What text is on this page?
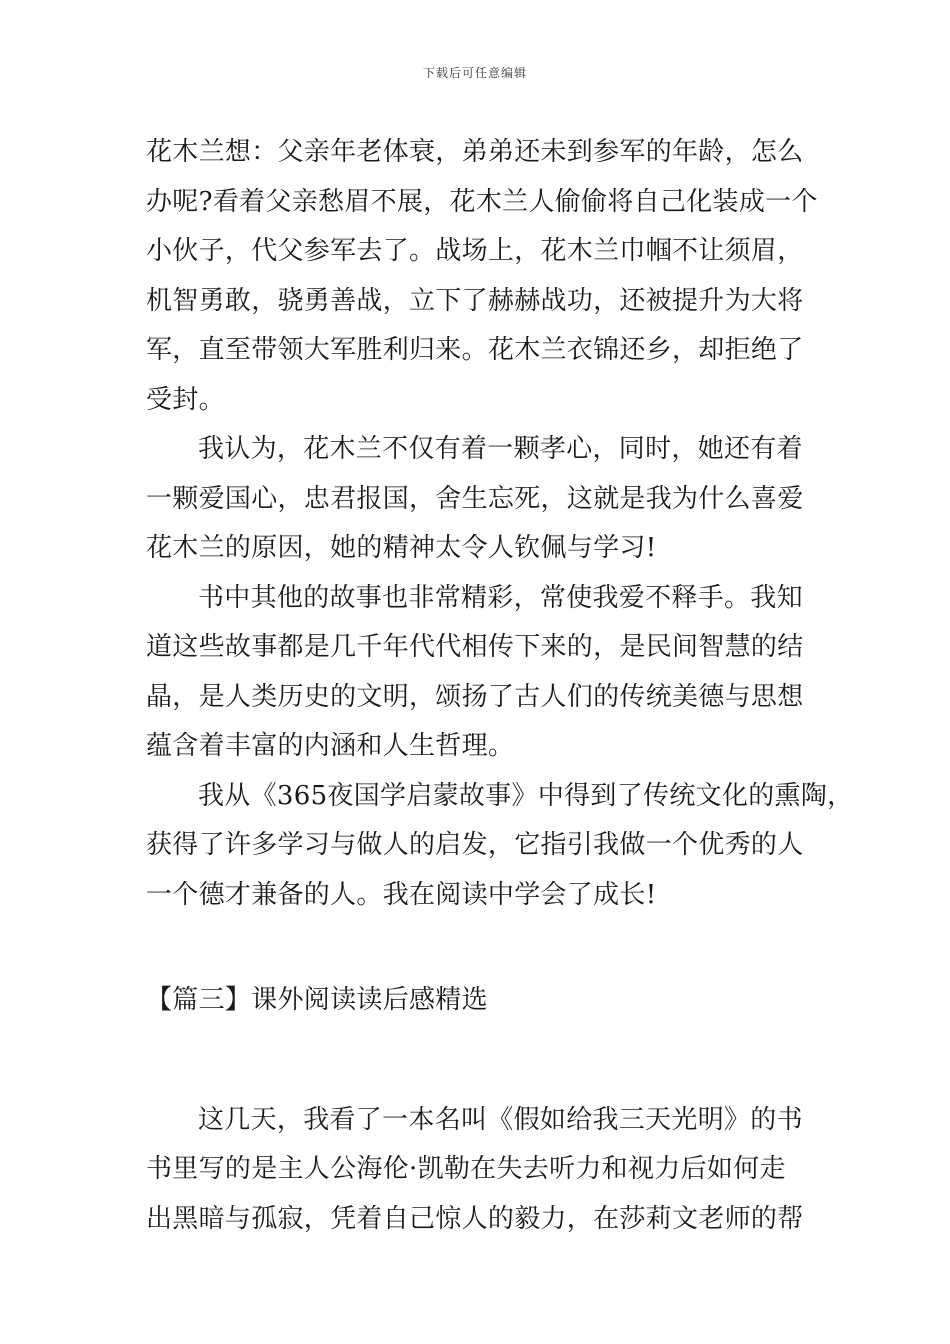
下载后可任意编辑
花木兰想：父亲年老体衰，弟弟还未到参军的年龄，怎么
办呢?看着父亲愁眉不展，花木兰人偷偷将自己化装成一个
小伙子，代父参军去了。战场上，花木兰巾帼不让须眉，
机智勇敢，骁勇善战，立下了赫赫战功，还被提升为大将
军，直至带领大军胜利归来。花木兰衣锦还乡，却拒绝了
受封。
我认为，花木兰不仅有着一颗孝心，同时，她还有着
一颗爱国心，忠君报国，舍生忘死，这就是我为什么喜爱
花木兰的原因，她的精神太令人钦佩与学习!
书中其他的故事也非常精彩，常使我爱不释手。我知
道这些故事都是几千年代代相传下来的，是民间智慧的结
晶，是人类历史的文明，颂扬了古人们的传统美德与思想
蕴含着丰富的内涵和人生哲理。
我从《365夜国学启蒙故事》中得到了传统文化的熏陶，
获得了许多学习与做人的启发，它指引我做一个优秀的人
一个德才兼备的人。我在阅读中学会了成长!
【篇三】课外阅读读后感精选
这几天，我看了一本名叫《假如给我三天光明》的书
书里写的是主人公海伦·凯勒在失去听力和视力后如何走
出黑暗与孤寂，凭着自己惊人的毅力，在莎莉文老师的帮
